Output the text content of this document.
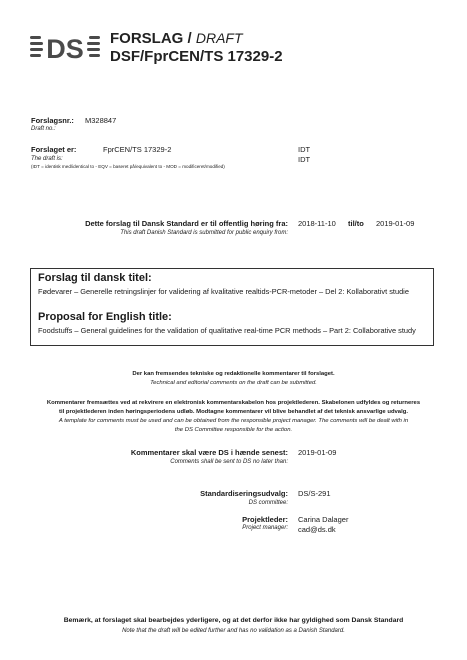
DS FORSLAG / DRAFT
DSF/FprCEN/TS 17329-2
Forslagsnr.: M328847
Draft no.:
Forslaget er:	FprCEN/TS 17329-2	IDT
The draft is:	IDT
(IDT = identisk med/identical to - EQV = baseret på/equivalent to - MOD = modificeret/modified)
Dette forslag til Dansk Standard er til offentlig høring fra: 2018-11-10 til/to 2019-01-09
This draft Danish Standard is submitted for public enquiry from:
Forslag til dansk titel:
Fødevarer – Generelle retningslinjer for validering af kvalitative realtids-PCR-metoder – Del 2: Kollaborativt studie
Proposal for English title:
Foodstuffs – General guidelines for the validation of qualitative real-time PCR methods – Part 2: Collaborative study
Der kan fremsendes tekniske og redaktionelle kommentarer til forslaget.
Technical and editorial comments on the draft can be submitted.
Kommentarer fremsættes ved at rekvirere en elektronisk kommentarskabelon hos projektlederen. Skabelonen udfyldes og returneres
til projektlederen inden høringsperiodens udløb. Modtagne kommentarer vil blive behandlet af det teknisk ansvarlige udvalg.
A template for comments must be used and can be obtained from the responsible project manager. The comments will be dealt with in
the DS Committee responsible for the action.
Kommentarer skal være DS i hænde senest: 2019-01-09
Comments shall be sent to DS no later than:
Standardiseringsudvalg: DS/S-291
DS committee:
Projektleder: Carina Dalager
Project manager: cad@ds.dk
Bemærk, at forslaget skal bearbejdes yderligere, og at det derfor ikke har gyldighed som Dansk Standard
Note that the draft will be edited further and has no validation as a Danish Standard.
